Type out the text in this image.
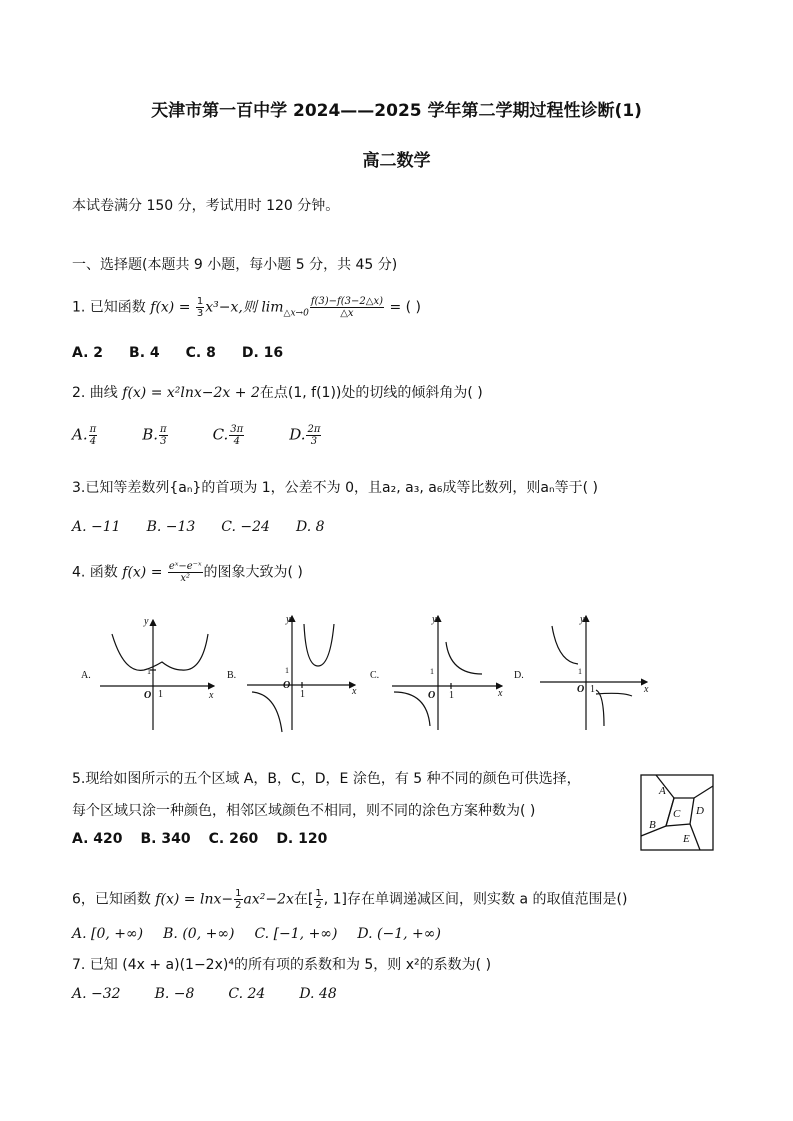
天津市第一百中学 2024——2025 学年第二学期过程性诊断(1)
高二数学
本试卷满分 150 分，考试用时 120 分钟。
一、选择题(本题共 9 小题，每小题 5 分，共 45 分)
1. 已知函数 $f(x) = \frac{1}{3} x^3-x$,则 $\lim_{\triangle x\to 0} \frac{f(3)-f(3-2\triangle x)}{\triangle x}$ = ( )
A. 2 B. 4 C. 8 D. 16
2. 曲线 f(x) = x²lnx−2x + 2在点(1, f(1))处的切线的倾斜角为( )
A. $\frac{\pi}{4}$	B. $\frac{\pi}{3}$	C. $\frac{3\pi}{4}$	D. $\frac{2\pi}{3}$
3.已知等差数列{aₙ}的首项为 1，公差不为 0，且a₂, a₃, a₆成等比数列，则aₙ等于( )
A. −11 B. −13 C. −24 D. 8
4. 函数 $f(x) = \frac{\text{eˣ−e⁻ˣ}}{\text{x²}}$ 的图象大致为( )
A.
y
x
O 1
1	B.
y
x
O
1
1	C.
y
x
O 1
1	D.
y
x
O 1
1
5.现给如图所示的五个区域 A，B，C，D，E 涂色，有 5 种不同的颜色可供选择，
每个区域只涂一种颜色，相邻区域颜色不相同，则不同的涂色方案种数为( )
A. 420 B. 340 C. 260 D. 120
A
B
C D
E
6，已知函数 $f(x) = \ln x- \frac{1}{2} ax^2-2x$在[ $\frac{1}{2}$ , 1]存在单调递减区间，则实数 a 的取值范围是()
A. [0, +∞) B. (0, +∞) C. [−1, +∞) D. (−1, +∞)
7. 已知 (4x + a)(1−2x)⁴的所有项的系数和为 5，则 x²的系数为( )
A. −32 B. −8 C. 24 D. 48
